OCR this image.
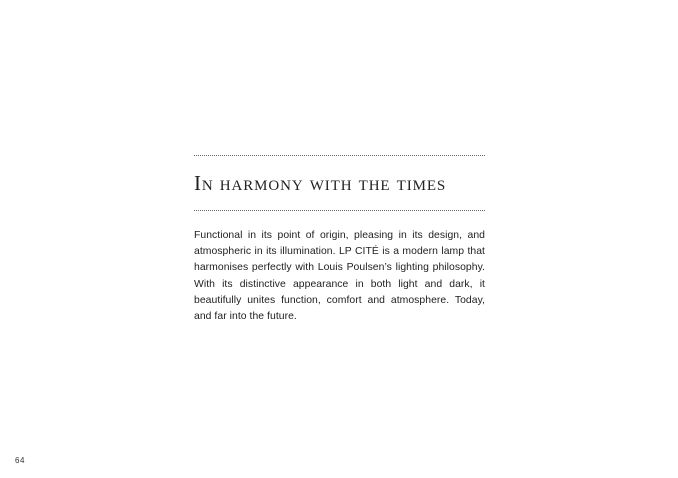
In harmony with the times

Functional in its point of origin, pleasing in its design, and atmospheric in its illumination. LP CITÉ is a modern lamp that harmonises perfectly with Louis Poulsen’s lighting philosophy. With its distinctive appearance in both light and dark, it beautifully unites function, comfort and atmosphere. Today, and far into the future.

64
